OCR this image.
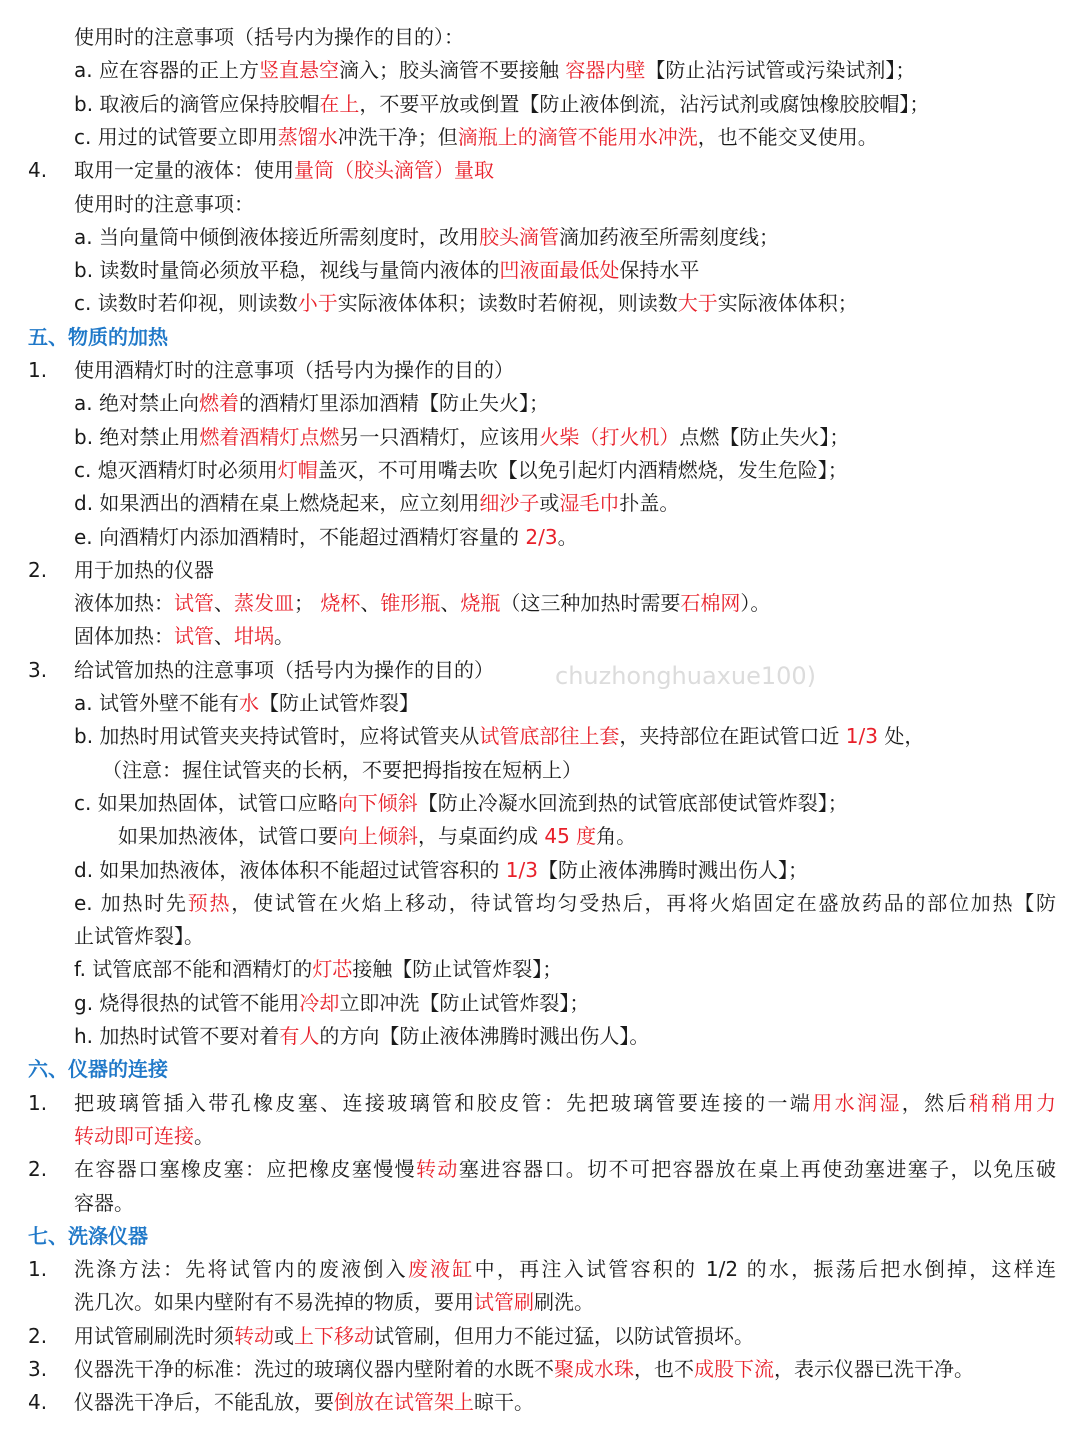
使用时的注意事项（括号内为操作的目的）：
a. 应在容器的正上方竖直悬空滴入；胶头滴管不要接触 容器内壁【防止沾污试管或污染试剂】；
b. 取液后的滴管应保持胶帽在上，不要平放或倒置【防止液体倒流，沾污试剂或腐蚀橡胶胶帽】；
c. 用过的试管要立即用蒸馏水冲洗干净；但滴瓶上的滴管不能用水冲洗，也不能交叉使用。
4. 取用一定量的液体：使用量筒（胶头滴管）量取
使用时的注意事项：
a. 当向量筒中倾倒液体接近所需刻度时，改用胶头滴管滴加药液至所需刻度线；
b. 读数时量筒必须放平稳，视线与量筒内液体的凹液面最低处保持水平
c. 读数时若仰视，则读数小于实际液体体积；读数时若俯视，则读数大于实际液体体积；
五、物质的加热
1. 使用酒精灯时的注意事项（括号内为操作的目的）
a. 绝对禁止向燃着的酒精灯里添加酒精【防止失火】；
b. 绝对禁止用燃着酒精灯点燃另一只酒精灯，应该用火柴（打火机）点燃【防止失火】；
c. 熄灭酒精灯时必须用灯帽盖灭，不可用嘴去吹【以免引起灯内酒精燃烧，发生危险】；
d. 如果洒出的酒精在桌上燃烧起来，应立刻用细沙子或湿毛巾扑盖。
e. 向酒精灯内添加酒精时，不能超过酒精灯容量的 2/3。
2. 用于加热的仪器
液体加热：试管、蒸发皿； 烧杯、锥形瓶、烧瓶（这三种加热时需要石棉网）。
固体加热：试管、坩埚。
3. 给试管加热的注意事项（括号内为操作的目的）
a. 试管外壁不能有水【防止试管炸裂】
b. 加热时用试管夹夹持试管时，应将试管夹从试管底部往上套，夹持部位在距试管口近 1/3 处，
（注意：握住试管夹的长柄，不要把拇指按在短柄上）
c. 如果加热固体，试管口应略向下倾斜【防止冷凝水回流到热的试管底部使试管炸裂】；
如果加热液体，试管口要向上倾斜，与桌面约成 45 度角。
d. 如果加热液体，液体体积不能超过试管容积的 1/3【防止液体沸腾时溅出伤人】；
e. 加热时先预热，使试管在火焰上移动，待试管均匀受热后，再将火焰固定在盛放药品的部位加热【防
止试管炸裂】。
f. 试管底部不能和酒精灯的灯芯接触【防止试管炸裂】；
g. 烧得很热的试管不能用冷却立即冲洗【防止试管炸裂】；
h. 加热时试管不要对着有人的方向【防止液体沸腾时溅出伤人】。
六、仪器的连接
1. 把玻璃管插入带孔橡皮塞、连接玻璃管和胶皮管：先把玻璃管要连接的一端用水润湿，然后稍稍用力
转动即可连接。
2. 在容器口塞橡皮塞：应把橡皮塞慢慢转动塞进容器口。切不可把容器放在桌上再使劲塞进塞子，以免压破
容器。
七、洗涤仪器
1. 洗涤方法：先将试管内的废液倒入废液缸中，再注入试管容积的 1/2 的水，振荡后把水倒掉，这样连
洗几次。如果内壁附有不易洗掉的物质，要用试管刷刷洗。
2. 用试管刷刷洗时须转动或上下移动试管刷，但用力不能过猛，以防试管损坏。
3. 仪器洗干净的标准：洗过的玻璃仪器内壁附着的水既不聚成水珠，也不成股下流，表示仪器已洗干净。
4. 仪器洗干净后，不能乱放，要倒放在试管架上晾干。
chuzhonghuaxue100)
